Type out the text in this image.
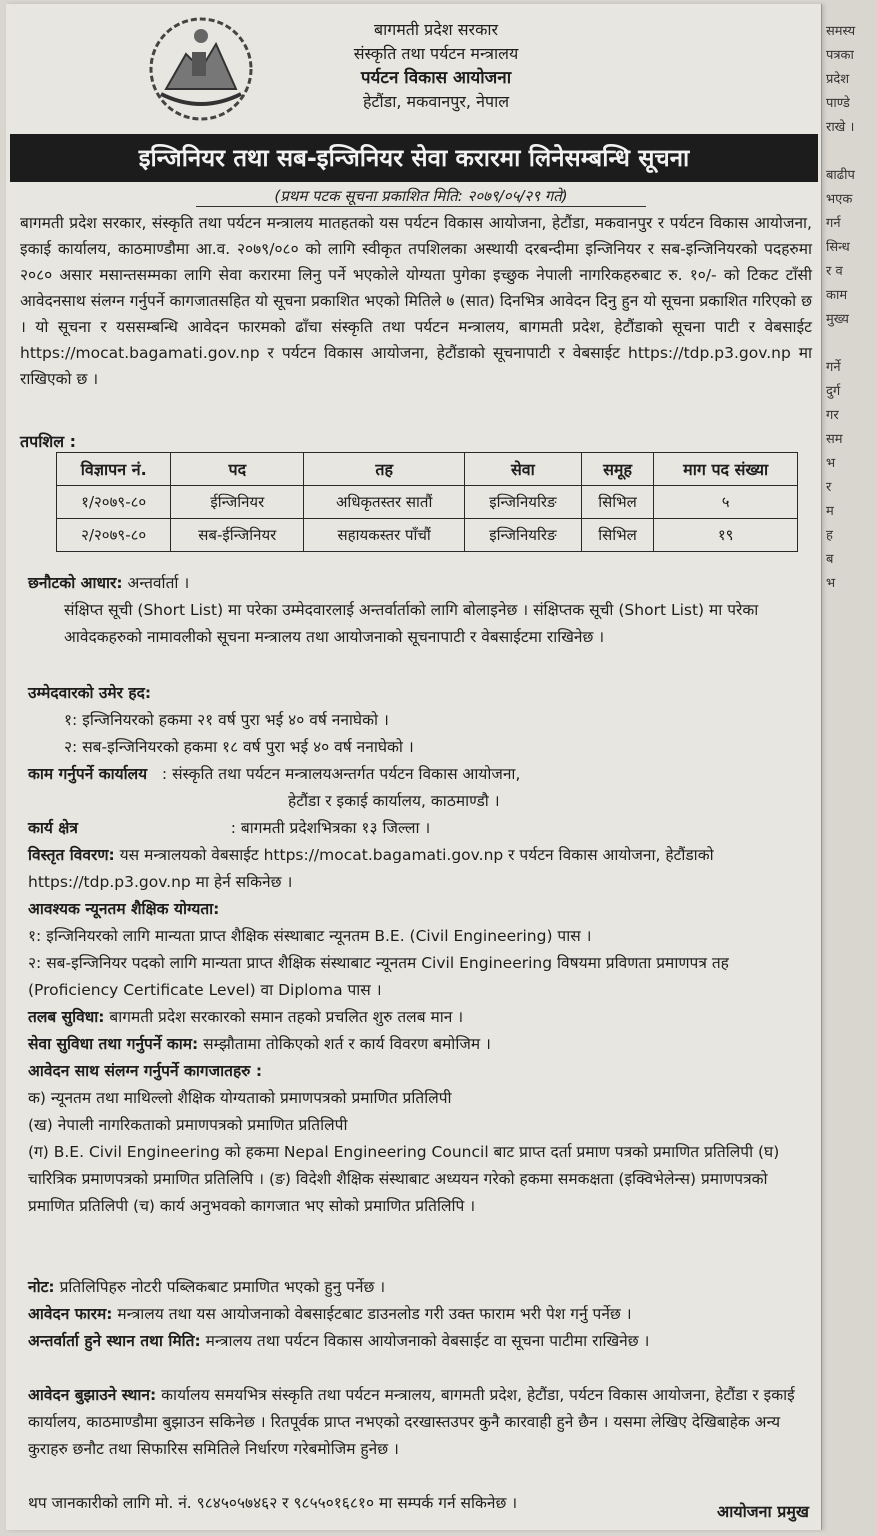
समस्य
पत्रका
प्रदेश
पाण्डे
राखे ।

बाढीप
भएक
गर्न
सिन्ध
र व
काम
मुख्य

गर्ने
दुर्ग
गर
सम
भ
र
म
ह
ब
भ
बागमती प्रदेश सरकार
संस्कृति तथा पर्यटन मन्त्रालय
पर्यटन विकास आयोजना
हेटौंडा, मकवानपुर, नेपाल
इन्जिनियर तथा सब-इन्जिनियर सेवा करारमा लिनेसम्बन्धि सूचना
(प्रथम पटक सूचना प्रकाशित मिति: २०७९/०५/२९ गते)
बागमती प्रदेश सरकार, संस्कृति तथा पर्यटन मन्त्रालय मातहतको यस पर्यटन विकास आयोजना, हेटौंडा, मकवानपुर र पर्यटन विकास आयोजना, इकाई कार्यालय, काठमाण्डौमा आ.व. २०७९/०८० को लागि स्वीकृत तपशिलका अस्थायी दरबन्दीमा इन्जिनियर र सब-इन्जिनियरको पदहरुमा २०८० असार मसान्तसम्मका लागि सेवा करारमा लिनु पर्ने भएकोले योग्यता पुगेका इच्छुक नेपाली नागरिकहरुबाट रु. १०/- को टिकट टाँसी आवेदनसाथ संलग्न गर्नुपर्ने कागजातसहित यो सूचना प्रकाशित भएको मितिले ७ (सात) दिनभित्र आवेदन दिनु हुन यो सूचना प्रकाशित गरिएको छ । यो सूचना र यससम्बन्धि आवेदन फारमको ढाँचा संस्कृति तथा पर्यटन मन्त्रालय, बागमती प्रदेश, हेटौंडाको सूचना पाटी र वेबसाईट https://mocat.bagamati.gov.np र पर्यटन विकास आयोजना, हेटौंडाको सूचनापाटी र वेबसाईट https://tdp.p3.gov.np मा राखिएको छ ।
तपशिल :
विज्ञापन नं.	पद	तह	सेवा	समूह	माग पद संख्या
१/२०७९-८०	ईन्जिनियर	अधिकृतस्तर सातौं	इन्जिनियरिङ	सिभिल	५
२/२०७९-८०	सब-ईन्जिनियर	सहायकस्तर पाँचौं	इन्जिनियरिङ	सिभिल	१९
छनौटको आधार: अन्तर्वार्ता ।
संक्षिप्त सूची (Short List) मा परेका उम्मेदवारलाई अन्तर्वार्ताको लागि बोलाइनेछ । संक्षिप्तक सूची (Short List) मा परेका आवेदकहरुको नामावलीको सूचना मन्त्रालय तथा आयोजनाको सूचनापाटी र वेबसाईटमा राखिनेछ ।
उम्मेदवारको उमेर हद:
१: इन्जिनियरको हकमा २१ वर्ष पुरा भई ४० वर्ष ननाघेको ।
२: सब-इन्जिनियरको हकमा १८ वर्ष पुरा भई ४० वर्ष ननाघेको ।
काम गर्नुपर्ने कार्यालय : संस्कृति तथा पर्यटन मन्त्रालयअन्तर्गत पर्यटन विकास आयोजना,
हेटौंडा र इकाई कार्यालय, काठमाण्डौ ।
कार्य क्षेत्र	: बागमती प्रदेशभित्रका १३ जिल्ला ।
विस्तृत विवरण: यस मन्त्रालयको वेबसाईट https://mocat.bagamati.gov.np र पर्यटन विकास आयोजना, हेटौंडाको https://tdp.p3.gov.np मा हेर्न सकिनेछ ।
आवश्यक न्यूनतम शैक्षिक योग्यता:
१: इन्जिनियरको लागि मान्यता प्राप्त शैक्षिक संस्थाबाट न्यूनतम B.E. (Civil Engineering) पास ।
२: सब-इन्जिनियर पदको लागि मान्यता प्राप्त शैक्षिक संस्थाबाट न्यूनतम Civil Engineering विषयमा प्रविणता प्रमाणपत्र तह (Proficiency Certificate Level) वा Diploma पास ।
तलब सुविधा: बागमती प्रदेश सरकारको समान तहको प्रचलित शुरु तलब मान ।
सेवा सुविधा तथा गर्नुपर्ने काम: सम्झौतामा तोकिएको शर्त र कार्य विवरण बमोजिम ।
आवेदन साथ संलग्न गर्नुपर्ने कागजातहरु :
क) न्यूनतम तथा माथिल्लो शैक्षिक योग्यताको प्रमाणपत्रको प्रमाणित प्रतिलिपी
(ख) नेपाली नागरिकताको प्रमाणपत्रको प्रमाणित प्रतिलिपी
(ग) B.E. Civil Engineering को हकमा Nepal Engineering Council बाट प्राप्त दर्ता प्रमाण पत्रको प्रमाणित प्रतिलिपी (घ) चारित्रिक प्रमाणपत्रको प्रमाणित प्रतिलिपि । (ङ) विदेशी शैक्षिक संस्थाबाट अध्ययन गरेको हकमा समकक्षता (इक्विभेलेन्स) प्रमाणपत्रको प्रमाणित प्रतिलिपी (च) कार्य अनुभवको कागजात भए सोको प्रमाणित प्रतिलिपि ।
नोट: प्रतिलिपिहरु नोटरी पब्लिकबाट प्रमाणित भएको हुनु पर्नेछ ।
आवेदन फारम: मन्त्रालय तथा यस आयोजनाको वेबसाईटबाट डाउनलोड गरी उक्त फाराम भरी पेश गर्नु पर्नेछ ।
अन्तर्वार्ता हुने स्थान तथा मिति: मन्त्रालय तथा पर्यटन विकास आयोजनाको वेबसाईट वा सूचना पाटीमा राखिनेछ ।
आवेदन बुझाउने स्थान: कार्यालय समयभित्र संस्कृति तथा पर्यटन मन्त्रालय, बागमती प्रदेश, हेटौंडा, पर्यटन विकास आयोजना, हेटौंडा र इकाई कार्यालय, काठमाण्डौमा बुझाउन सकिनेछ । रितपूर्वक प्राप्त नभएको दरखास्तउपर कुनै कारवाही हुने छैन । यसमा लेखिए देखिबाहेक अन्य कुराहरु छनौट तथा सिफारिस समितिले निर्धारण गरेबमोजिम हुनेछ ।
थप जानकारीको लागि मो. नं. ९८४५०५७४६२ र ९८५५०१६८१० मा सम्पर्क गर्न सकिनेछ ।	आयोजना प्रमुख
